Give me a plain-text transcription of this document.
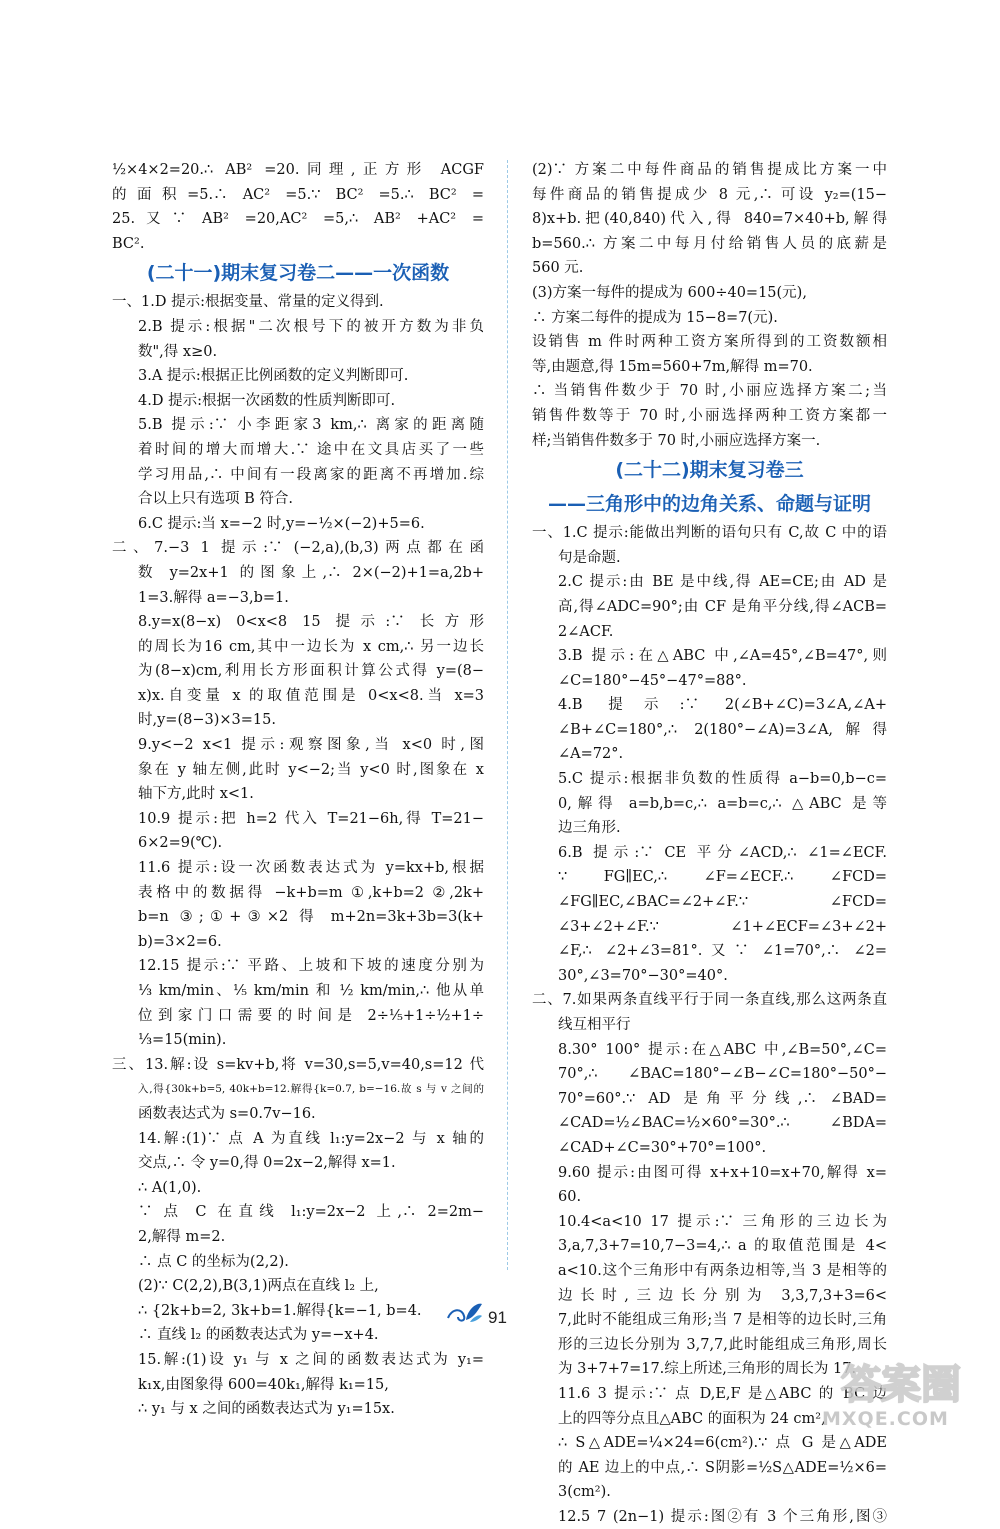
½×4×2=20.∴ AB² =20.同理,正方形 ACGF
的面积=5.∴ AC² =5.∵ BC² =5.∴ BC² =
25.又∵ AB² =20,AC² =5,∴ AB² +AC² =
BC².
(二十一)期末复习卷二——一次函数
一、1.D 提示:根据变量、常量的定义得到.
2.B 提示:根据"二次根号下的被开方数为非负
数",得 x≥0.
3.A 提示:根据正比例函数的定义判断即可.
4.D 提示:根据一次函数的性质判断即可.
5.B 提示:∵ 小李距家3 km,∴ 离家的距离随
着时间的增大而增大.∵ 途中在文具店买了一些
学习用品,∴ 中间有一段离家的距离不再增加.综
合以上只有选项 B 符合.
6.C 提示:当 x=−2 时,y=−½×(−2)+5=6.
二、7.−3 1 提示:∵ (−2,a),(b,3)两点都在函
数 y=2x+1 的图象上,∴ 2×(−2)+1=a,2b+
1=3.解得 a=−3,b=1.
8.y=x(8−x) 0<x<8 15 提示:∵ 长方形
的周长为16 cm,其中一边长为 x cm,∴ 另一边长
为(8−x)cm,利用长方形面积计算公式得 y=(8−
x)x.自变量 x 的取值范围是 0<x<8.当 x=3
时,y=(8−3)×3=15.
9.y<−2 x<1 提示:观察图象,当 x<0 时,图
象在 y 轴左侧,此时 y<−2;当 y<0 时,图象在 x
轴下方,此时 x<1.
10.9 提示:把 h=2 代入 T=21−6h,得 T=21−
6×2=9(℃).
11.6 提示:设一次函数表达式为 y=kx+b,根据
表格中的数据得 −k+b=m ①,k+b=2 ②,2k+
b=n ③;①+③×2 得 m+2n=3k+3b=3(k+
b)=3×2=6.
12.15 提示:∵ 平路、上坡和下坡的速度分别为
⅓ km/min、⅕ km/min 和 ½ km/min,∴ 他从单
位到家门口需要的时间是 2÷⅕+1÷½+1÷
⅓=15(min).
三、13.解:设 s=kv+b,将 v=30,s=5,v=40,s=12 代
入,得{30k+b=5, 40k+b=12.解得{k=0.7, b=−16.故 s 与 v 之间的
函数表达式为 s=0.7v−16.
14.解:(1)∵ 点 A 为直线 l₁:y=2x−2 与 x 轴的
交点,∴ 令 y=0,得 0=2x−2,解得 x=1.
∴ A(1,0).
∵ 点 C 在直线 l₁:y=2x−2 上,∴ 2=2m−
2,解得 m=2.
∴ 点 C 的坐标为(2,2).
(2)∵ C(2,2),B(3,1)两点在直线 l₂ 上,
∴ {2k+b=2, 3k+b=1.解得{k=−1, b=4.
∴ 直线 l₂ 的函数表达式为 y=−x+4.
15.解:(1)设 y₁ 与 x 之间的函数表达式为 y₁=
k₁x,由图象得 600=40k₁,解得 k₁=15,
∴ y₁ 与 x 之间的函数表达式为 y₁=15x.
(2)∵ 方案二中每件商品的销售提成比方案一中
每件商品的销售提成少 8 元,∴ 可设 y₂=(15−
8)x+b.把(40,840)代入,得 840=7×40+b,解得
b=560.∴ 方案二中每月付给销售人员的底薪是
560 元.
(3)方案一每件的提成为 600÷40=15(元),
∴ 方案二每件的提成为 15−8=7(元).
设销售 m 件时两种工资方案所得到的工资数额相
等,由题意,得 15m=560+7m,解得 m=70.
∴ 当销售件数少于 70 时,小丽应选择方案二;当
销售件数等于 70 时,小丽选择两种工资方案都一
样;当销售件数多于 70 时,小丽应选择方案一.
(二十二)期末复习卷三
——三角形中的边角关系、命题与证明
一、1.C 提示:能做出判断的语句只有 C,故 C 中的语
句是命题.
2.C 提示:由 BE 是中线,得 AE=CE;由 AD 是
高,得∠ADC=90°;由 CF 是角平分线,得∠ACB=
2∠ACF.
3.B 提示:在△ABC 中,∠A=45°,∠B=47°,则
∠C=180°−45°−47°=88°.
4.B 提示:∵ 2(∠B+∠C)=3∠A,∠A+
∠B+∠C=180°,∴ 2(180°−∠A)=3∠A,解得
∠A=72°.
5.C 提示:根据非负数的性质得 a−b=0,b−c=
0,解得 a=b,b=c,∴ a=b=c,∴ △ABC 是等
边三角形.
6.B 提示:∵ CE 平分∠ACD,∴ ∠1=∠ECF.
∵ FG∥EC,∴ ∠F=∠ECF.∴ ∠FCD=
∠FG∥EC,∠BAC=∠2+∠F.∵ ∠FCD=
∠3+∠2+∠F.∵ ∠1+∠ECF=∠3+∠2+
∠F,∴ ∠2+∠3=81°.又∵ ∠1=70°,∴ ∠2=
30°,∠3=70°−30°=40°.
二、7.如果两条直线平行于同一条直线,那么这两条直
线互相平行
8.30° 100° 提示:在△ABC 中,∠B=50°,∠C=
70°,∴ ∠BAC=180°−∠B−∠C=180°−50°−
70°=60°.∵ AD 是角平分线,∴ ∠BAD=
∠CAD=½∠BAC=½×60°=30°.∴ ∠BDA=
∠CAD+∠C=30°+70°=100°.
9.60 提示:由图可得 x+x+10=x+70,解得 x=
60.
10.4<a<10 17 提示:∵ 三角形的三边长为
3,a,7,3+7=10,7−3=4,∴ a 的取值范围是 4<
a<10.这个三角形中有两条边相等,当 3 是相等的
边长时,三边长分别为 3,3,7,3+3=6<
7,此时不能组成三角形;当 7 是相等的边长时,三角
形的三边长分别为 3,7,7,此时能组成三角形,周长
为 3+7+7=17.综上所述,三角形的周长为 17.
11.6 3 提示:∵ 点 D,E,F 是△ABC 的 BC 边
上的四等分点且△ABC 的面积为 24 cm²,
∴ S△ADE=¼×24=6(cm²).∵ 点 G 是△ADE
的 AE 边上的中点,∴ S阴影=½S△ADE=½×6=
3(cm²).
12.5 7 (2n−1) 提示:图②有 3 个三角形,图③
91
答案圈
MXQE.COM
